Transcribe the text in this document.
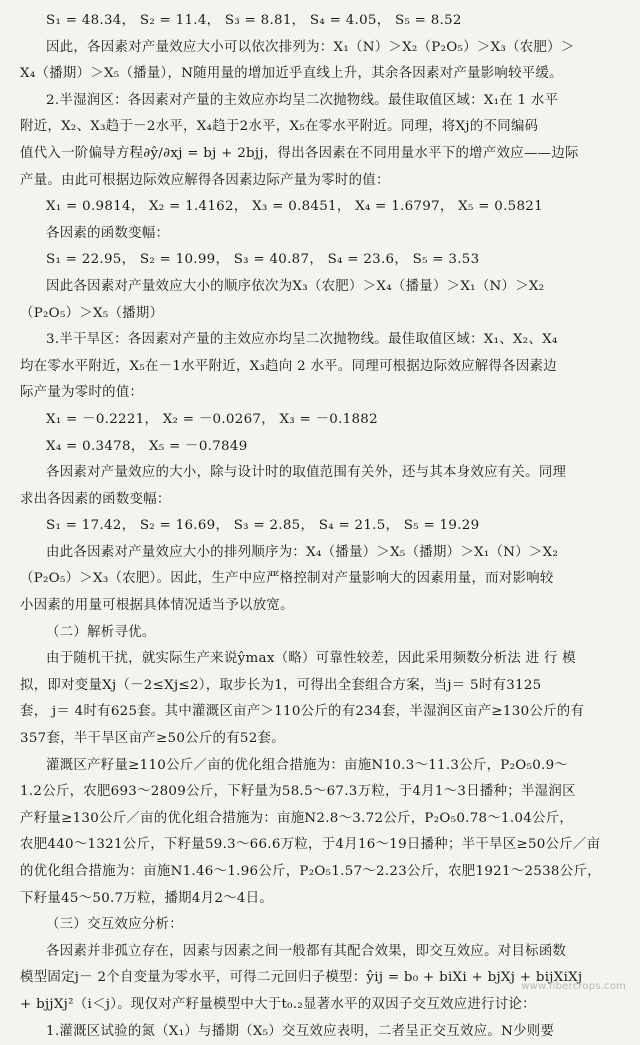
S₁ = 48.34， S₂ = 11.4， S₃ = 8.81， S₄ = 4.05， S₅ = 8.52

因此，各因素对产量效应大小可以依次排列为：X₁（N）＞X₂（P₂O₅）＞X₃（农肥）＞

X₄（播期）＞X₅（播量），N随用量的增加近乎直线上升，其余各因素对产量影响较平缓。

2.半湿润区：各因素对产量的主效应亦均呈二次抛物线。最佳取值区域：X₁在 1 水平

附近，X₂、X₃趋于－2水平，X₄趋于2水平，X₅在零水平附近。同理，将Xj的不同编码

值代入一阶偏导方程∂ŷ/∂xj = bj + 2bjj，得出各因素在不同用量水平下的增产效应——边际

产量。由此可根据边际效应解得各因素边际产量为零时的值：

X₁ = 0.9814， X₂ = 1.4162， X₃ = 0.8451， X₄ = 1.6797， X₅ = 0.5821

各因素的函数变幅：

S₁ = 22.95， S₂ = 10.99， S₃ = 40.87， S₄ = 23.6， S₅ = 3.53

因此各因素对产量效应大小的顺序依次为X₃（农肥）＞X₄（播量）＞X₁（N）＞X₂

（P₂O₅）＞X₅（播期）

3.半干旱区：各因素对产量的主效应亦均呈二次抛物线。最佳取值区域：X₁、X₂、X₄

均在零水平附近，X₅在－1水平附近，X₃趋向 2 水平。同理可根据边际效应解得各因素边

际产量为零时的值：

X₁ = －0.2221， X₂ = －0.0267， X₃ = －0.1882

X₄ = 0.3478， X₅ = －0.7849

各因素对产量效应的大小，除与设计时的取值范围有关外，还与其本身效应有关。同理

求出各因素的函数变幅：

S₁ = 17.42， S₂ = 16.69， S₃ = 2.85， S₄ = 21.5， S₅ = 19.29

由此各因素对产量效应大小的排列顺序为：X₄（播量）＞X₅（播期）＞X₁（N）＞X₂

（P₂O₅）＞X₃（农肥）。因此，生产中应严格控制对产量影响大的因素用量，而对影响较

小因素的用量可根据具体情况适当予以放宽。

（二）解析寻优。

由于随机干扰，就实际生产来说ŷmax（略）可靠性较差，因此采用频数分析法 进 行 模

拟，即对变量Xj（－2≤Xj≤2），取步长为1，可得出全套组合方案，当j＝ 5时有3125

套， j＝ 4时有625套。其中灌溉区亩产＞110公斤的有234套，半湿润区亩产≥130公斤的有

357套，半干旱区亩产≥50公斤的有52套。

灌溉区产籽量≥110公斤／亩的优化组合措施为：亩施N10.3～11.3公斤，P₂O₅0.9～

1.2公斤，农肥693～2809公斤，下籽量为58.5～67.3万粒，于4月1～3日播种；半湿润区

产籽量≥130公斤／亩的优化组合措施为：亩施N2.8～3.72公斤，P₂O₅0.78～1.04公斤，

农肥440～1321公斤，下籽量59.3～66.6万粒，于4月16～19日播种；半干旱区≥50公斤／亩

的优化组合措施为：亩施N1.46～1.96公斤，P₂O₅1.57～2.23公斤，农肥1921～2538公斤，

下籽量45～50.7万粒，播期4月2～4日。

（三）交互效应分析：

各因素并非孤立存在，因素与因素之间一般都有其配合效果，即交互效应。对目标函数

模型固定j－ 2个自变量为零水平，可得二元回归子模型：ŷij = b₀ + biXi + bjXj + bijXiXj

+ bjjXj²（i＜j）。现仅对产籽量模型中大于t₀.₂显著水平的双因子交互效应进行讨论：

1.灌溉区试验的氮（X₁）与播期（X₅）交互效应表明，二者呈正交互效应。N少则要

www.fibercrops.com
